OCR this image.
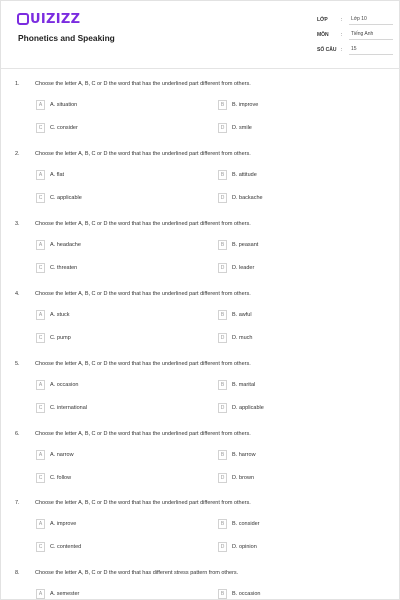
UIZIZZ
Phonetics and Speaking
LỚP	:	Lớp 10
MÔN	:	Tiếng Anh
SỐ CÂU :	15
1.	Choose the letter A, B, C or D the word that has the underlined part different from others.
A	A. situation	B	B. improve
C	C. consider	D	D. smile
2.	Choose the letter A, B, C or D the word that has the underlined part different from others.
A	A. flat	B	B. attitude
C	C. applicable	D	D. backache
3.	Choose the letter A, B, C or D the word that has the underlined part different from others.
A	A. headache	B	B. peasant
C	C. threaten	D	D. leader
4.	Choose the letter A, B, C or D the word that has the underlined part different from others.
A	A. stuck	B	B. awful
C	C. pump	D	D. much
5.	Choose the letter A, B, C or D the word that has the underlined part different from others.
A	A. occasion	B	B. marital
C	C. international	D	D. applicable
6.	Choose the letter A, B, C or D the word that has the underlined part different from others.
A	A. narrow	B	B. harrow
C	C. follow	D	D. brown
7.	Choose the letter A, B, C or D the word that has the underlined part different from others.
A	A. improve	B	B. consider
C	C. contented	D	D. opinion
8.	Choose the letter A, B, C or D the word that has different stress pattern from others.
A	A. semester	B	B. occasion
